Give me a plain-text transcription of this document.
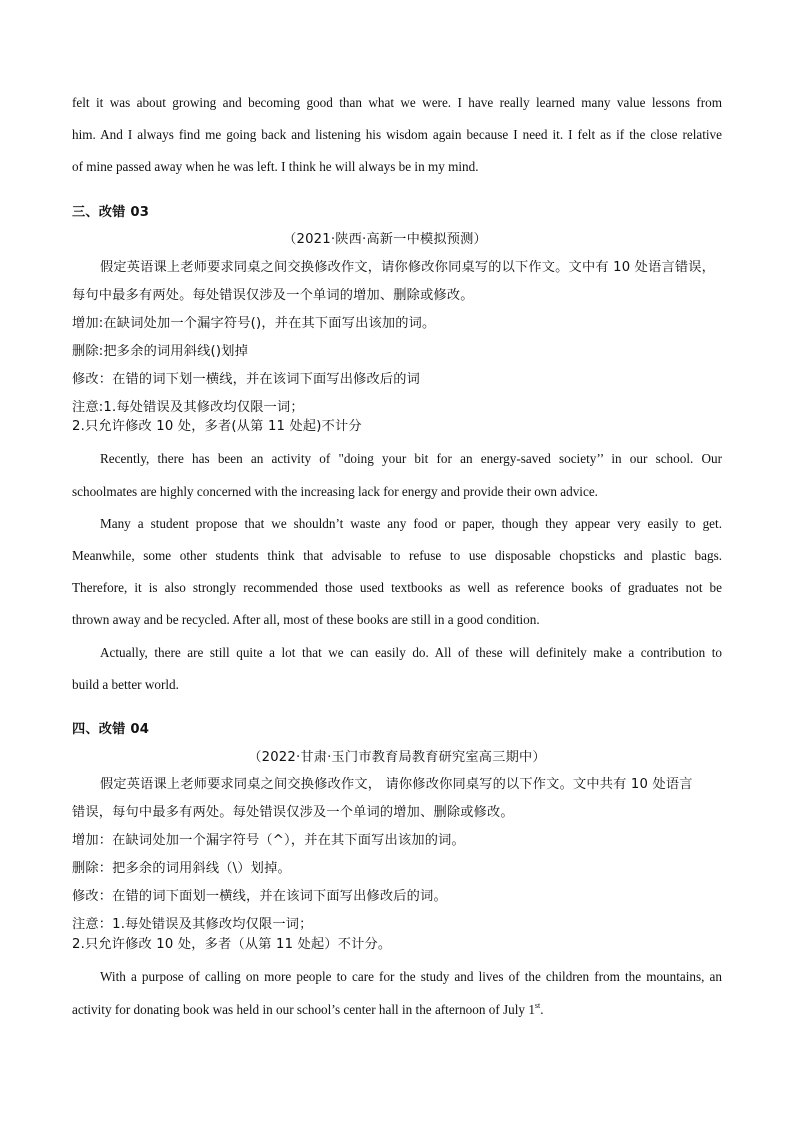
felt it was about growing and becoming good than what we were. I have really learned many value lessons from
him. And I always find me going back and listening his wisdom again because I need it. I felt as if the close relative
of mine passed away when he was left. I think he will always be in my mind.
三、改错 03
（2021·陕西·高新一中模拟预测）
假定英语课上老师要求同桌之间交换修改作文，请你修改你同桌写的以下作文。文中有 10 处语言错误，
每句中最多有两处。每处错误仅涉及一个单词的增加、删除或修改。
增加:在缺词处加一个漏字符号()，并在其下面写出该加的词。
删除:把多余的词用斜线()划掉
修改：在错的词下划一横线，并在该词下面写出修改后的词
注意:1.每处错误及其修改均仅限一词；
2.只允许修改 10 处，多者(从第 11 处起)不计分
Recently, there has been an activity of "doing your bit for an energy-saved society’’ in our school. Our
schoolmates are highly concerned with the increasing lack for energy and provide their own advice.
Many a student propose that we shouldn’t waste any food or paper, though they appear very easily to get.
Meanwhile, some other students think that advisable to refuse to use disposable chopsticks and plastic bags.
Therefore, it is also strongly recommended those used textbooks as well as reference books of graduates not be
thrown away and be recycled. After all, most of these books are still in a good condition.
Actually, there are still quite a lot that we can easily do. All of these will definitely make a contribution to
build a better world.
四、改错 04
（2022·甘肃·玉门市教育局教育研究室高三期中）
假定英语课上老师要求同桌之间交换修改作文， 请你修改你同桌写的以下作文。文中共有 10 处语言
错误，每句中最多有两处。每处错误仅涉及一个单词的增加、删除或修改。
增加：在缺词处加一个漏字符号（^），并在其下面写出该加的词。
删除：把多余的词用斜线（\）划掉。
修改：在错的词下面划一横线，并在该词下面写出修改后的词。
注意：1.每处错误及其修改均仅限一词；
2.只允许修改 10 处，多者（从第 11 处起）不计分。
With a purpose of calling on more people to care for the study and lives of the children from the mountains, an
activity for donating book was held in our school’s center hall in the afternoon of July 1st.
